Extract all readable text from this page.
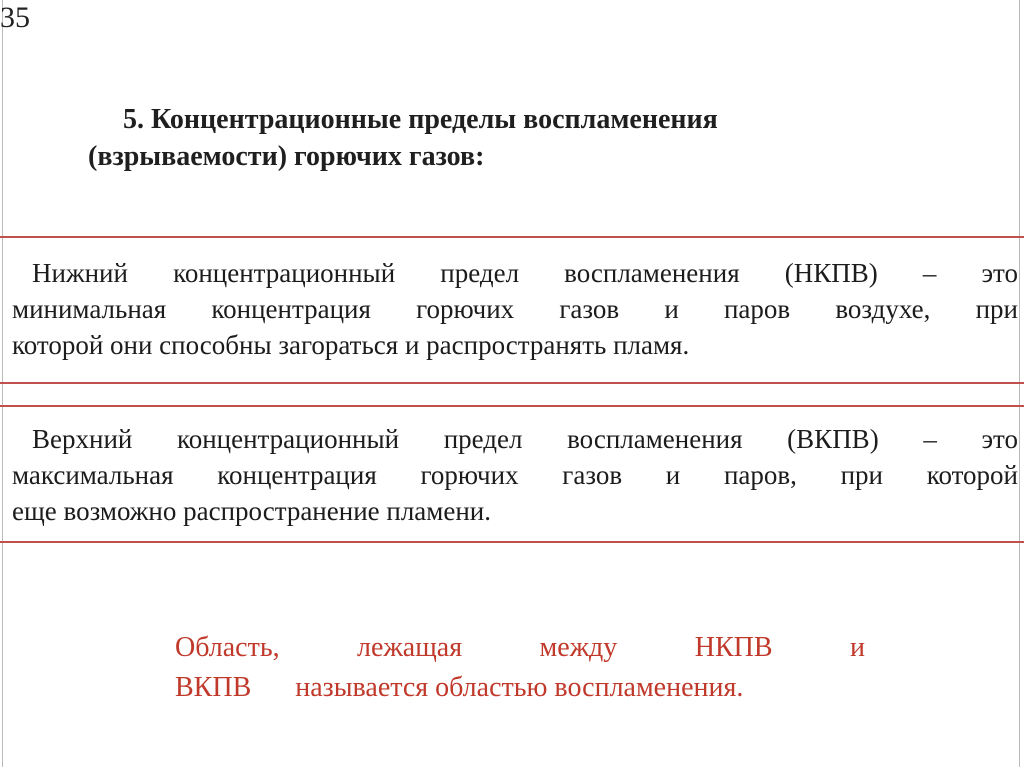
35
5. Концентрационные пределы воспламенения
(взрываемости) горючих газов:
Нижний концентрационный предел воспламенения (НКПВ) – это
минимальная концентрация горючих газов и паров воздухе, при
которой они способны загораться и распространять пламя.
Верхний концентрационный предел воспламенения (ВКПВ) – это
максимальная концентрация горючих газов и паров, при которой
еще возможно распространение пламени.
Область, лежащая между НКПВ и
ВКПВ называется областью воспламенения.
